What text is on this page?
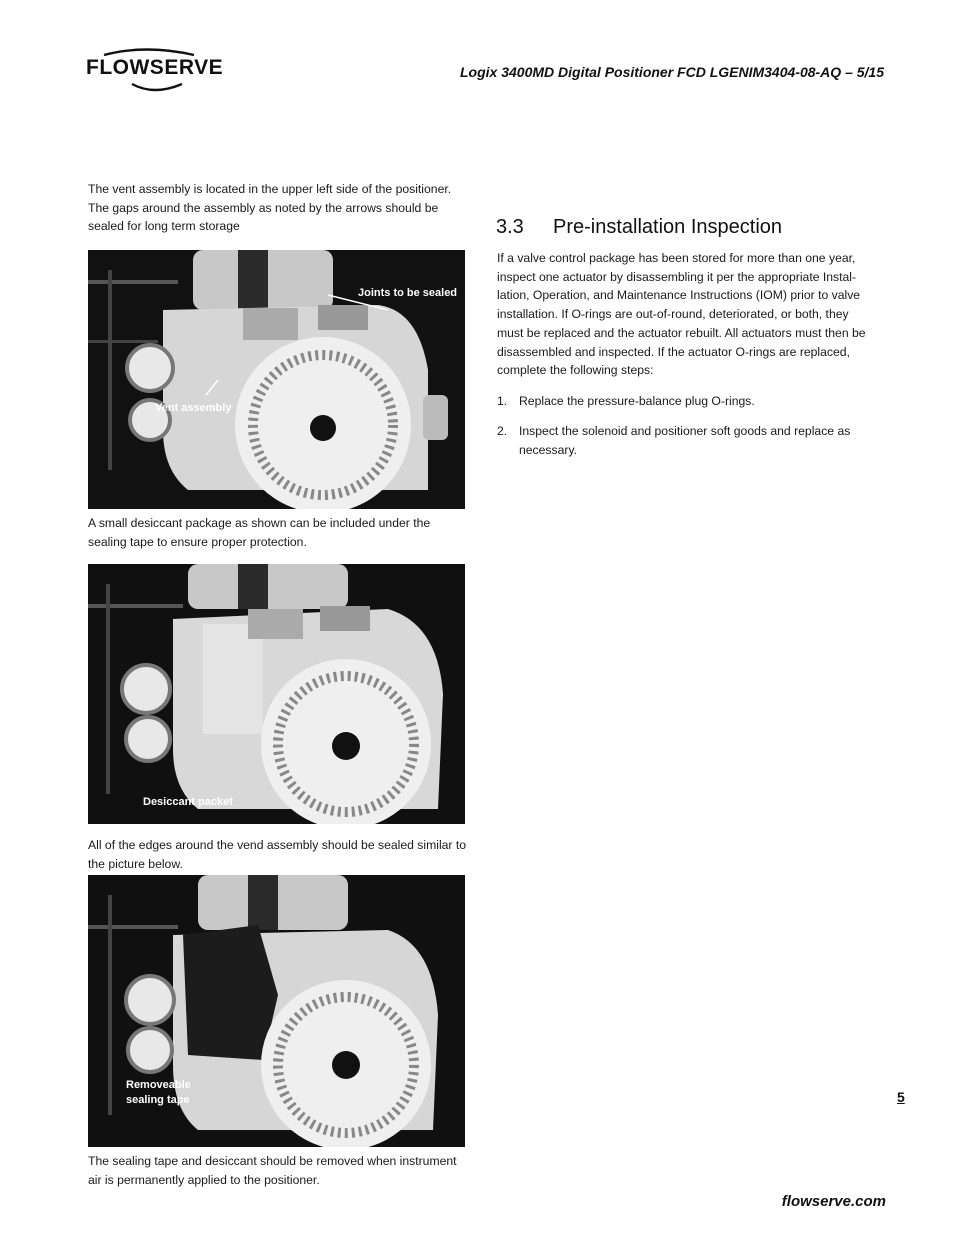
FLOWSERVE	Logix 3400MD Digital Positioner FCD LGENIM3404-08-AQ – 5/15
The vent assembly is located in the upper left side of the positioner. The gaps around the assembly as noted by the arrows should be sealed for long term storage
Joints to be sealed
Vent assembly
A small desiccant package as shown can be included under the sealing tape to ensure proper protection.
Desiccant packet
All of the edges around the vend assembly should be sealed similar to the picture below.
Removeable
sealing tape
The sealing tape and desiccant should be removed when instrument air is permanently applied to the positioner.
3.3 Pre-installation Inspection
If a valve control package has been stored for more than one year, inspect one actuator by disassembling it per the appropriate Instal-lation, Operation, and Maintenance Instructions (IOM) prior to valve installation. If O-rings are out-of-round, deteriorated, or both, they must be replaced and the actuator rebuilt. All actuators must then be disassembled and inspected. If the actuator O-rings are replaced, complete the following steps:
1. Replace the pressure-balance plug O-rings.
2. Inspect the solenoid and positioner soft goods and replace as necessary.
5
flowserve.com
